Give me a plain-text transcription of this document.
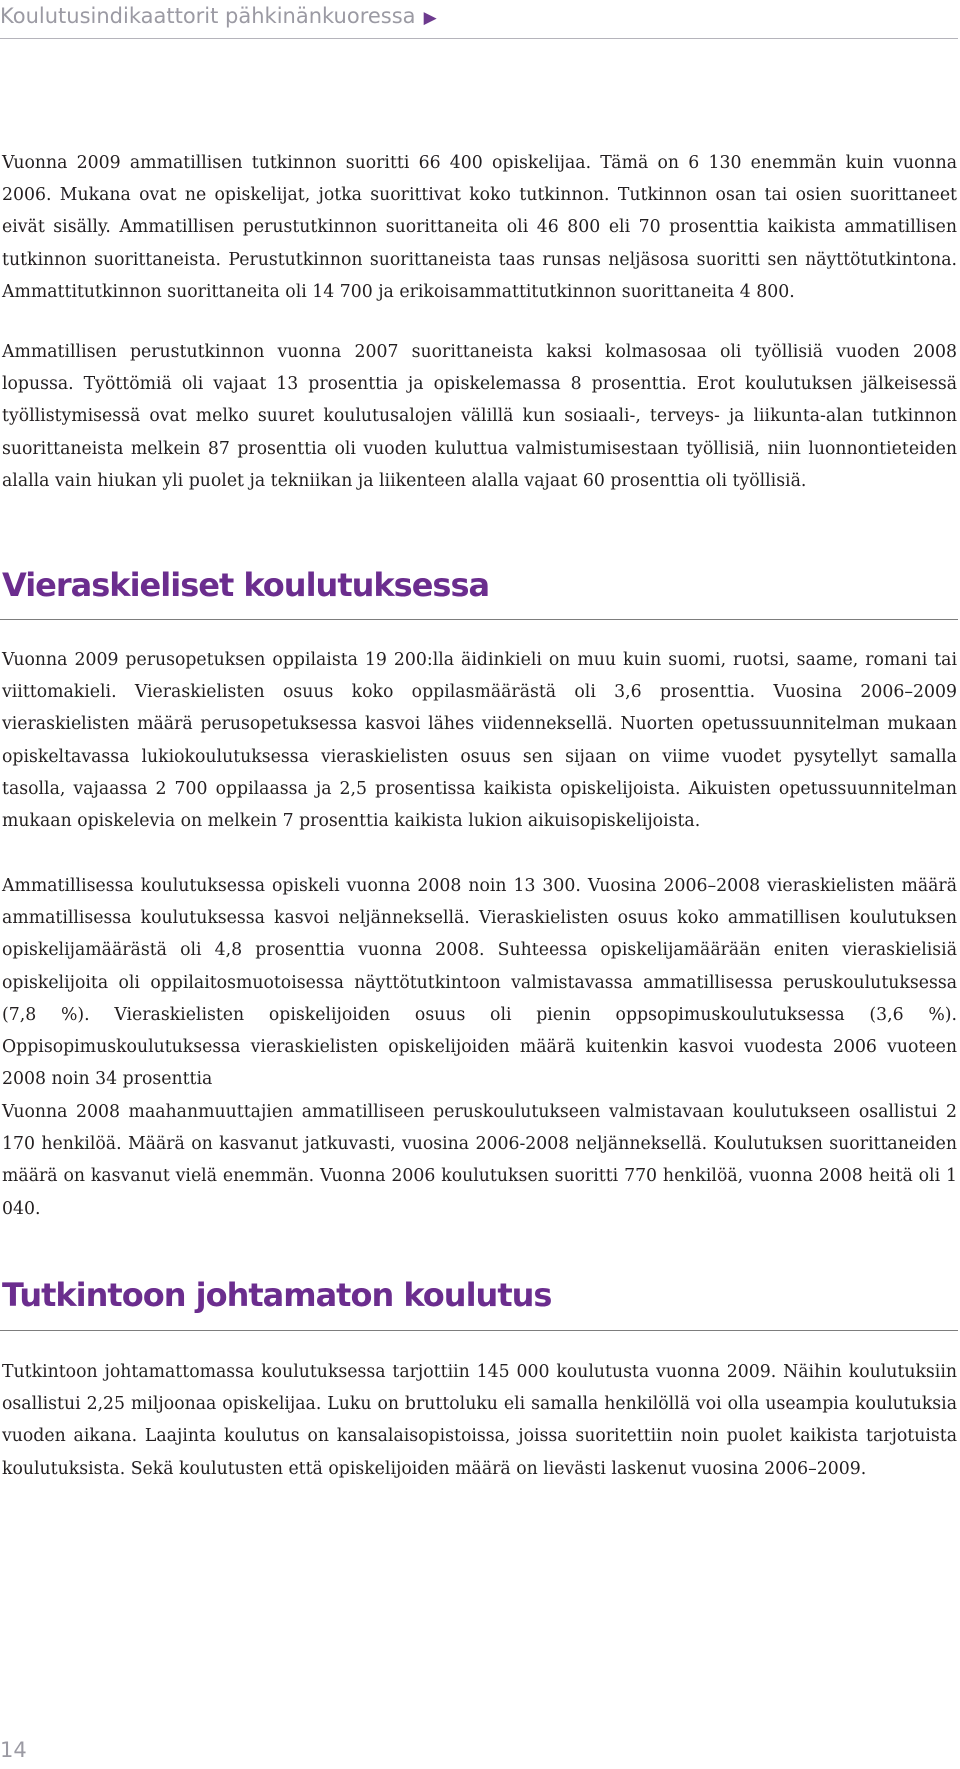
Koulutusindikaattorit pähkinänkuoressa ▶

Vuonna 2009 ammatillisen tutkinnon suoritti 66 400 opiskelijaa. Tämä on 6 130 enemmän kuin vuonna 2006. Mukana ovat ne opiskelijat, jotka suorittivat koko tutkinnon. Tutkinnon osan tai osien suorittaneet eivät sisälly. Ammatillisen perustutkinnon suorittaneita oli 46 800 eli 70 prosenttia kaikista ammatillisen tutkinnon suorittaneista. Perustutkinnon suorittaneista taas runsas neljäsosa suoritti sen näyttötutkintona. Ammattitutkinnon suorittaneita oli 14 700 ja erikoisammattitutkinnon suorittaneita 4 800.

Ammatillisen perustutkinnon vuonna 2007 suorittaneista kaksi kolmasosaa oli työllisiä vuoden 2008 lopussa. Työttömiä oli vajaat 13 prosenttia ja opiskelemassa 8 prosenttia. Erot koulutuksen jälkeisessä työllistymisessä ovat melko suuret koulutusalojen välillä kun sosiaali-, terveys- ja liikunta-alan tutkinnon suorittaneista melkein 87 prosenttia oli vuoden kuluttua valmistumisestaan työllisiä, niin luonnontieteiden alalla vain hiukan yli puolet ja tekniikan ja liikenteen alalla vajaat 60 prosenttia oli työllisiä.

Vieraskieliset koulutuksessa

Vuonna 2009 perusopetuksen oppilaista 19 200:lla äidinkieli on muu kuin suomi, ruotsi, saame, romani tai viittomakieli. Vieraskielisten osuus koko oppilasmäärästä oli 3,6 prosenttia. Vuosina 2006–2009 vieraskielisten määrä perusopetuksessa kasvoi lähes viidenneksellä. Nuorten opetussuunnitelman mukaan opiskeltavassa lukiokoulutuksessa vieraskielisten osuus sen sijaan on viime vuodet pysytellyt samalla tasolla, vajaassa 2 700 oppilaassa ja 2,5 prosentissa kaikista opiskelijoista. Aikuisten opetussuunnitelman mukaan opiskelevia on melkein 7 prosenttia kaikista lukion aikuisopiskelijoista.

Ammatillisessa koulutuksessa opiskeli vuonna 2008 noin 13 300. Vuosina 2006–2008 vieraskielisten määrä ammatillisessa koulutuksessa kasvoi neljänneksellä. Vieraskielisten osuus koko ammatillisen koulutuksen opiskelijamäärästä oli 4,8 prosenttia vuonna 2008. Suhteessa opiskelijamäärään eniten vieraskielisiä opiskelijoita oli oppilaitosmuotoisessa näyttötutkintoon valmistavassa ammatillisessa peruskoulutuksessa (7,8 %). Vieraskielisten opiskelijoiden osuus oli pienin oppsopimuskoulutuksessa (3,6 %). Oppisopimuskoulutuksessa vieraskielisten opiskelijoiden määrä kuitenkin kasvoi vuodesta 2006 vuoteen 2008 noin 34 prosenttia

Vuonna 2008 maahanmuuttajien ammatilliseen peruskoulutukseen valmistavaan koulutukseen osallistui 2 170 henkilöä. Määrä on kasvanut jatkuvasti, vuosina 2006-2008 neljänneksellä. Koulutuksen suorittaneiden määrä on kasvanut vielä enemmän. Vuonna 2006 koulutuksen suoritti 770 henkilöä, vuonna 2008 heitä oli 1 040.

Tutkintoon johtamaton koulutus

Tutkintoon johtamattomassa koulutuksessa tarjottiin 145 000 koulutusta vuonna 2009. Näihin koulutuksiin osallistui 2,25 miljoonaa opiskelijaa. Luku on bruttoluku eli samalla henkilöllä voi olla useampia koulutuksia vuoden aikana. Laajinta koulutus on kansalaisopistoissa, joissa suoritettiin noin puolet kaikista tarjotuista koulutuksista. Sekä koulutusten että opiskelijoiden määrä on lievästi laskenut vuosina 2006–2009.

14
